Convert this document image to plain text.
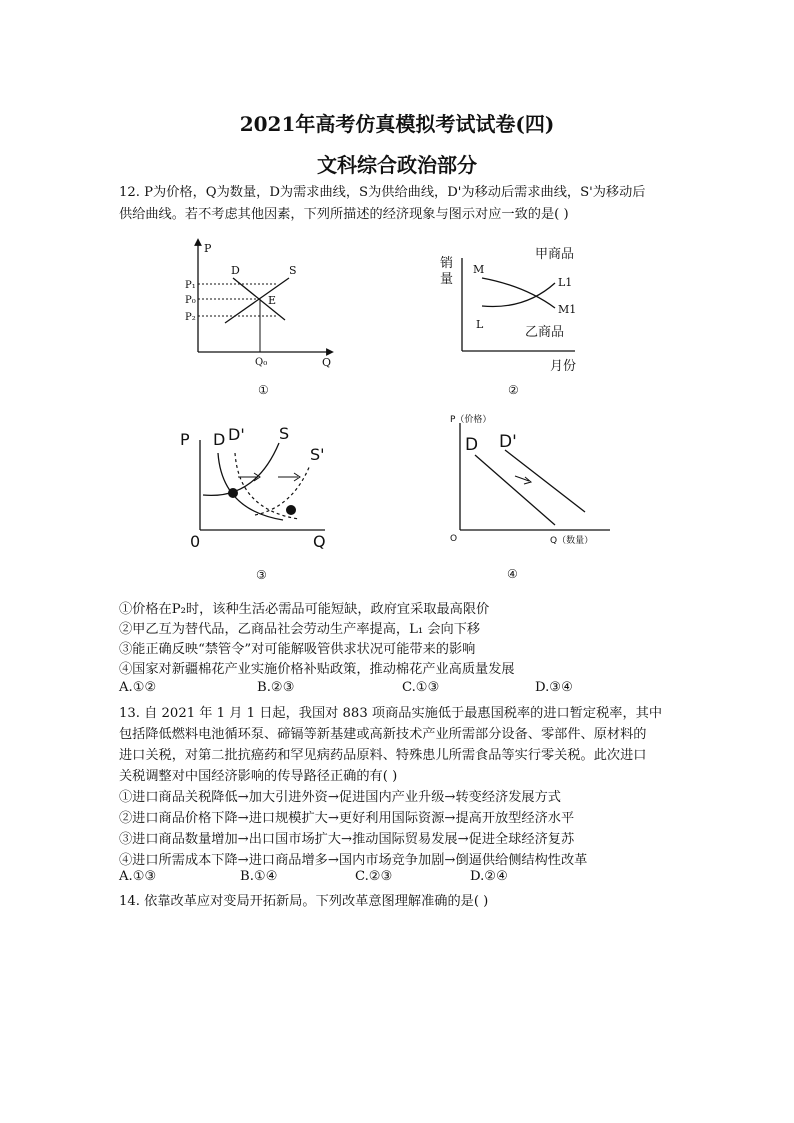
2021年高考仿真模拟考试试卷(四)
文科综合政治部分
12. P为价格，Q为数量，D为需求曲线，S为供给曲线，D'为移动后需求曲线，S'为移动后
供给曲线。若不考虑其他因素，下列所描述的经济现象与图示对应一致的是( )
P
Q
P₁
P₀
P₂
Q₀
D	S
E
①
销
量
月份
甲商品
乙商品
M
L
L1
M1
②
P
0	Q
D D' S
S'
③
P（价格）
O	Q（数量）
D D'
④
①价格在P₂时，该种生活必需品可能短缺，政府宜采取最高限价
②甲乙互为替代品，乙商品社会劳动生产率提高，L₁ 会向下移
③能正确反映“禁管令”对可能解吸管供求状况可能带来的影响
④国家对新疆棉花产业实施价格补贴政策，推动棉花产业高质量发展
A.①②	B.②③	C.①③	D.③④
13. 自 2021 年 1 月 1 日起，我国对 883 项商品实施低于最惠国税率的进口暂定税率，其中
包括降低燃料电池循环泵、碲镉等新基建或高新技术产业所需部分设备、零部件、原材料的
进口关税，对第二批抗癌药和罕见病药品原料、特殊患儿所需食品等实行零关税。此次进口
关税调整对中国经济影响的传导路径正确的有( )
①进口商品关税降低→加大引进外资→促进国内产业升级→转变经济发展方式
②进口商品价格下降→进口规模扩大→更好利用国际资源→提高开放型经济水平
③进口商品数量增加→出口国市场扩大→推动国际贸易发展→促进全球经济复苏
④进口所需成本下降→进口商品增多→国内市场竞争加剧→倒逼供给侧结构性改革
A.①③	B.①④	C.②③	D.②④
14. 依靠改革应对变局开拓新局。下列改革意图理解准确的是( )
